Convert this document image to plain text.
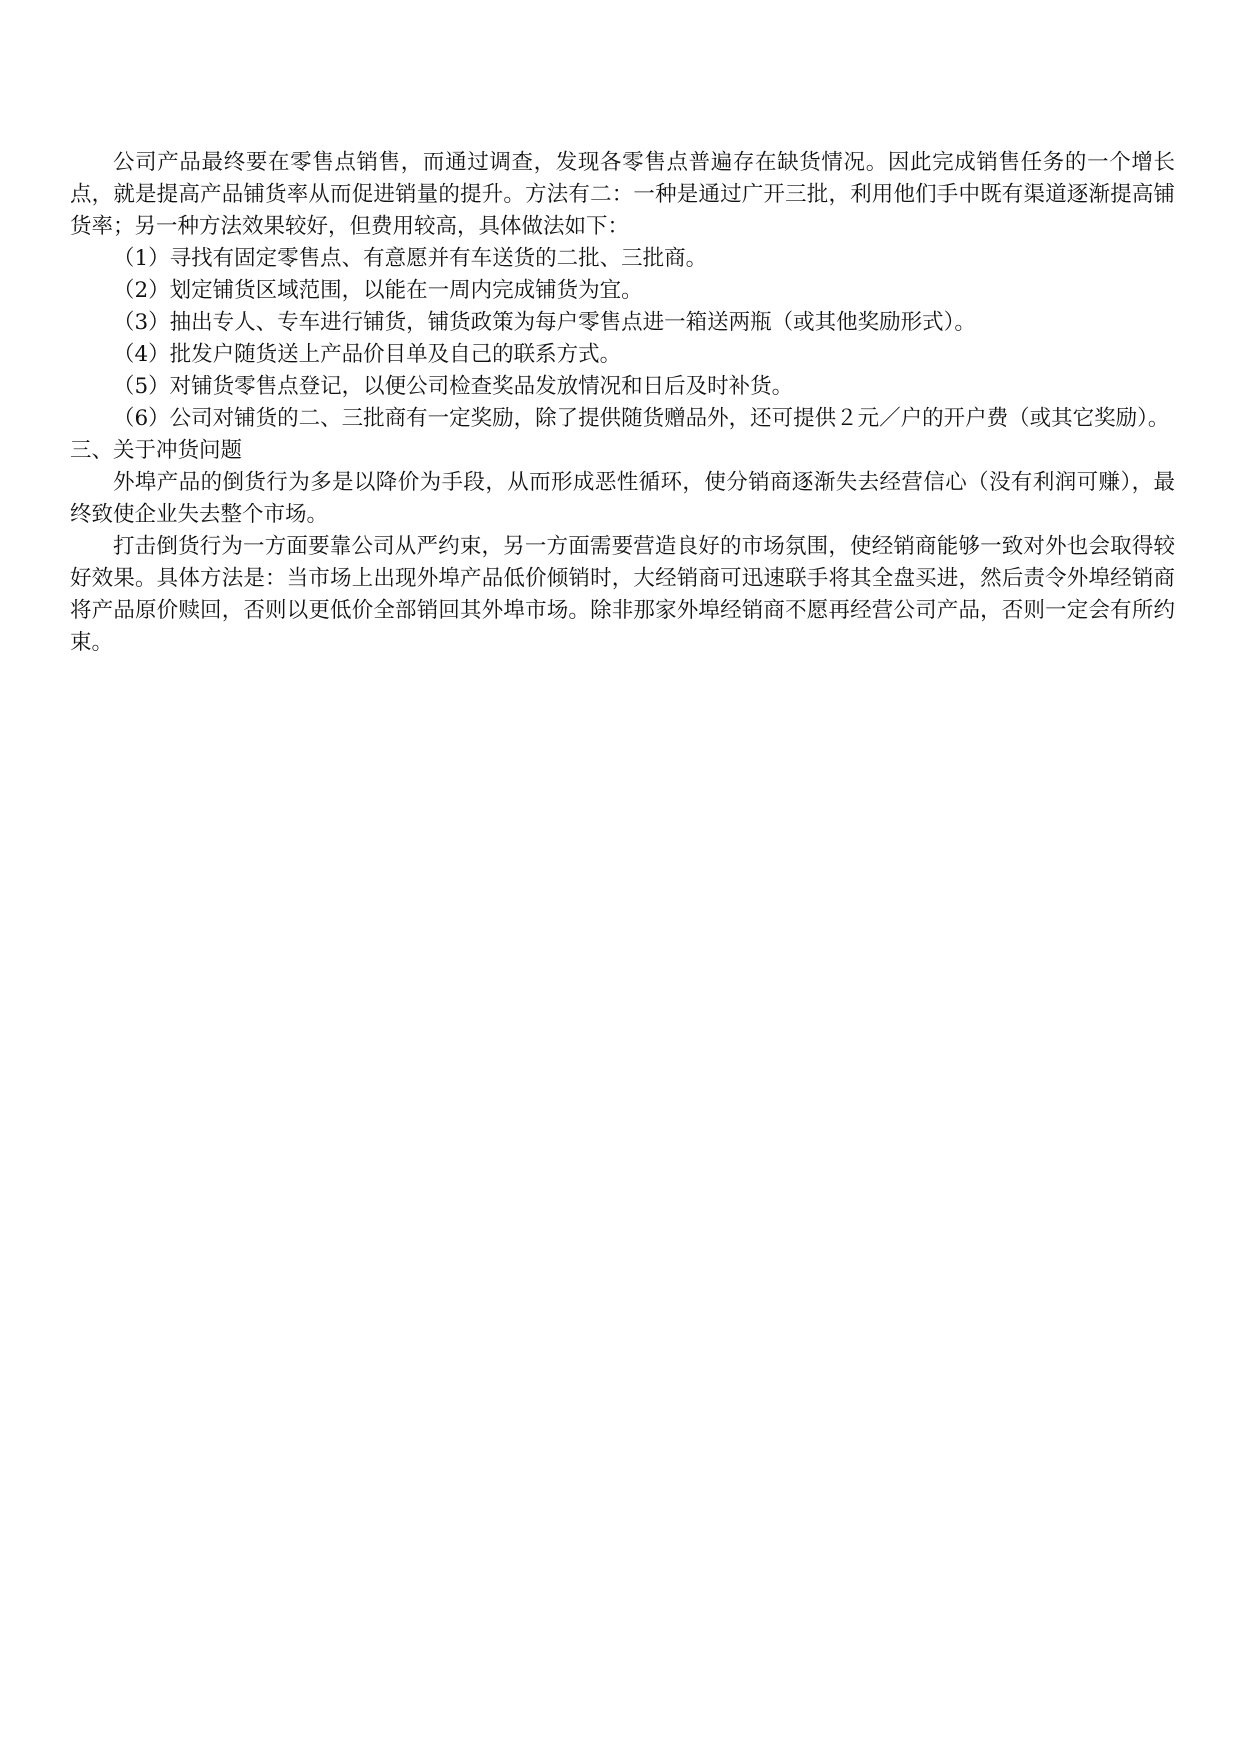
公司产品最终要在零售点销售，而通过调查，发现各零售点普遍存在缺货情况。因此完成销售任务的一个增长点，就是提高产品铺货率从而促进销量的提升。方法有二：一种是通过广开三批，利用他们手中既有渠道逐渐提高铺货率；另一种方法效果较好，但费用较高，具体做法如下：

（1）寻找有固定零售点、有意愿并有车送货的二批、三批商。

（2）划定铺货区域范围，以能在一周内完成铺货为宜。

（3）抽出专人、专车进行铺货，铺货政策为每户零售点进一箱送两瓶（或其他奖励形式）。

（4）批发户随货送上产品价目单及自己的联系方式。

（5）对铺货零售点登记，以便公司检查奖品发放情况和日后及时补货。

（6）公司对铺货的二、三批商有一定奖励，除了提供随货赠品外，还可提供２元／户的开户费（或其它奖励）。

三、关于冲货问题

外埠产品的倒货行为多是以降价为手段，从而形成恶性循环，使分销商逐渐失去经营信心（没有利润可赚），最终致使企业失去整个市场。

打击倒货行为一方面要靠公司从严约束，另一方面需要营造良好的市场氛围，使经销商能够一致对外也会取得较好效果。具体方法是：当市场上出现外埠产品低价倾销时，大经销商可迅速联手将其全盘买进，然后责令外埠经销商将产品原价赎回，否则以更低价全部销回其外埠市场。除非那家外埠经销商不愿再经营公司产品，否则一定会有所约束。
